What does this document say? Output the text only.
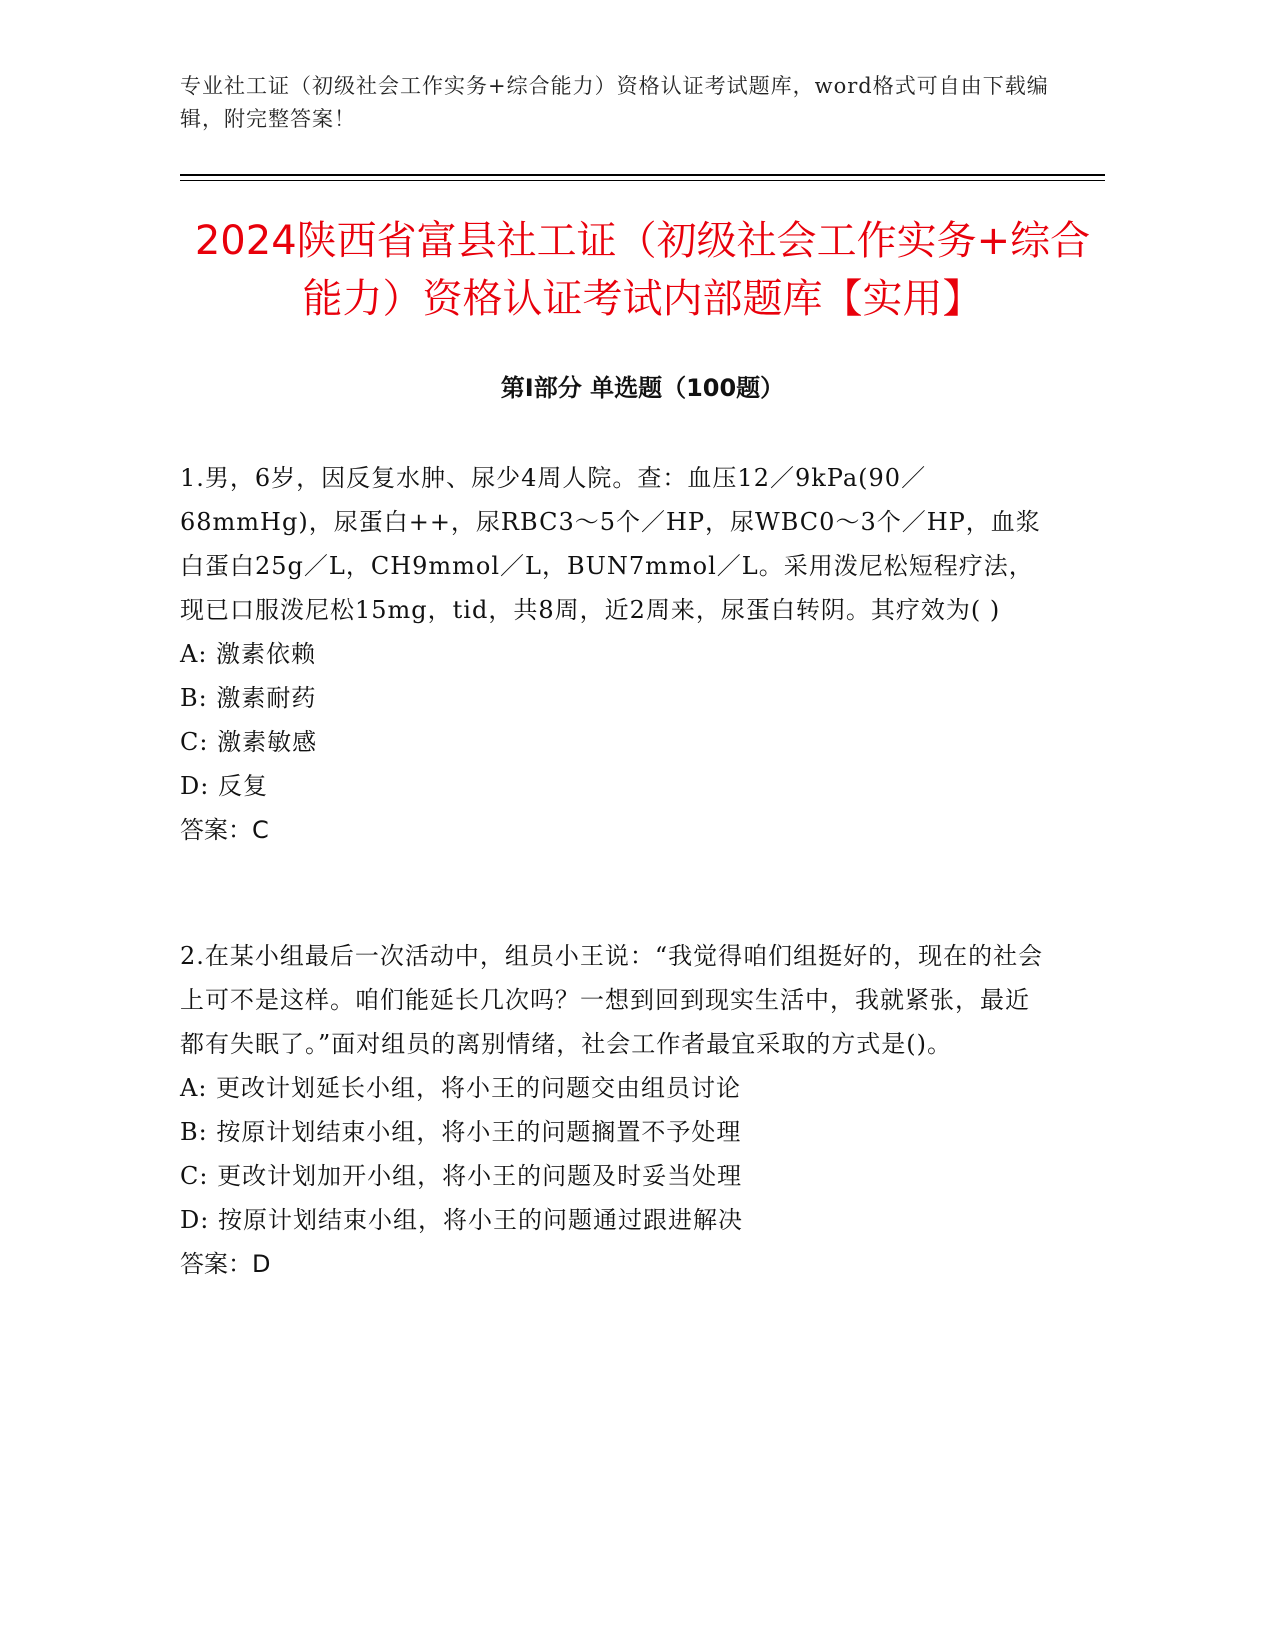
专业社工证（初级社会工作实务+综合能力）资格认证考试题库，word格式可自由下载编辑，附完整答案！
2024陕西省富县社工证（初级社会工作实务+综合能力）资格认证考试内部题库【实用】
第I部分 单选题（100题）

1.男，6岁，因反复水肿、尿少4周人院。查：血压12／9kPa(90／68mmHg)，尿蛋白++，尿RBC3～5个／HP，尿WBC0～3个／HP，血浆白蛋白25g／L，CH9mmol／L，BUN7mmol／L。采用泼尼松短程疗法，现已口服泼尼松15mg，tid，共8周，近2周来，尿蛋白转阴。其疗效为( )

A: 激素依赖

B: 激素耐药

C: 激素敏感

D: 反复

答案：C

2.在某小组最后一次活动中，组员小王说：“我觉得咱们组挺好的，现在的社会上可不是这样。咱们能延长几次吗？一想到回到现实生活中，我就紧张，最近都有失眠了。”面对组员的离别情绪，社会工作者最宜采取的方式是()。

A: 更改计划延长小组，将小王的问题交由组员讨论

B: 按原计划结束小组，将小王的问题搁置不予处理

C: 更改计划加开小组，将小王的问题及时妥当处理

D: 按原计划结束小组，将小王的问题通过跟进解决

答案：D
